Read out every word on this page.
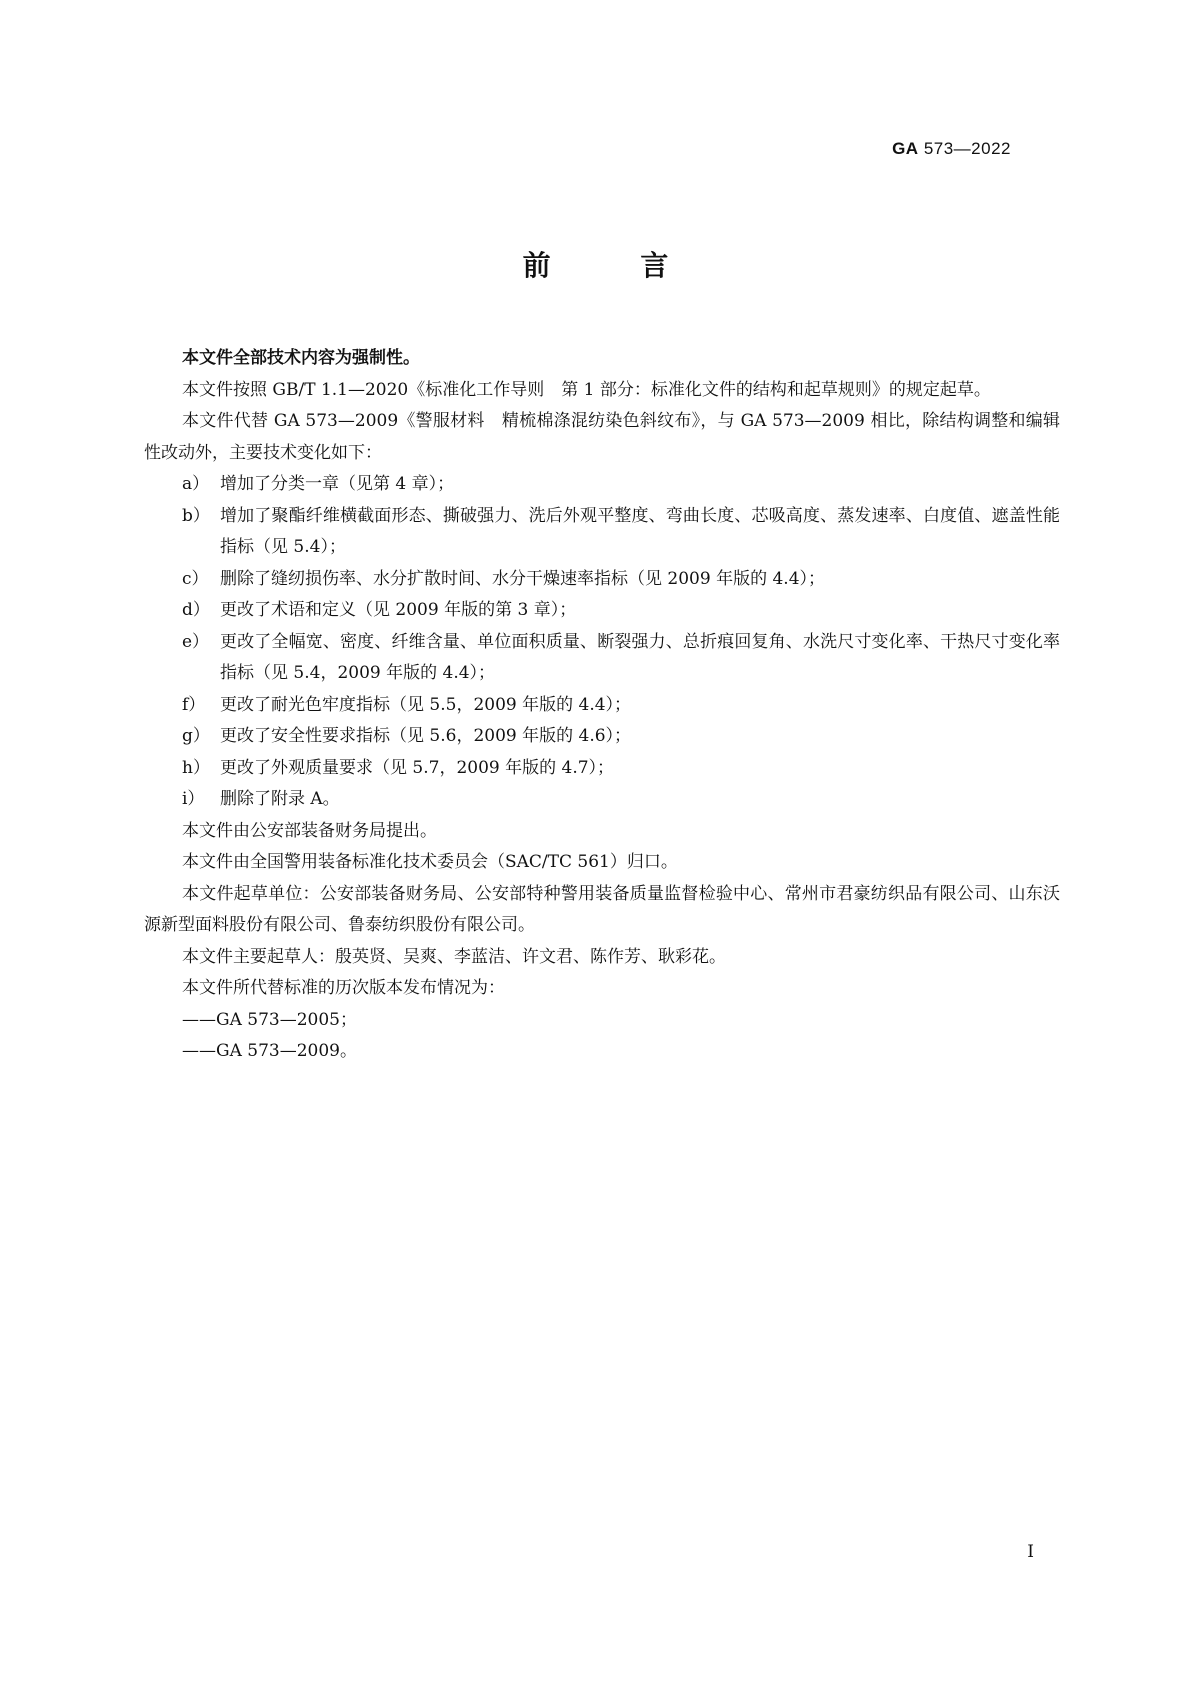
GA 573—2022
前 言

本文件全部技术内容为强制性。

本文件按照 GB/T 1.1—2020《标准化工作导则　第 1 部分：标准化文件的结构和起草规则》的规定起草。

本文件代替 GA 573—2009《警服材料　精梳棉涤混纺染色斜纹布》，与 GA 573—2009 相比，除结构调整和编辑性改动外，主要技术变化如下：

a） 增加了分类一章（见第 4 章）；
b） 增加了聚酯纤维横截面形态、撕破强力、洗后外观平整度、弯曲长度、芯吸高度、蒸发速率、白度值、遮盖性能指标（见 5.4）；
c） 删除了缝纫损伤率、水分扩散时间、水分干燥速率指标（见 2009 年版的 4.4）；
d） 更改了术语和定义（见 2009 年版的第 3 章）；
e） 更改了全幅宽、密度、纤维含量、单位面积质量、断裂强力、总折痕回复角、水洗尺寸变化率、干热尺寸变化率指标（见 5.4，2009 年版的 4.4）；
f） 更改了耐光色牢度指标（见 5.5，2009 年版的 4.4）；
g） 更改了安全性要求指标（见 5.6，2009 年版的 4.6）；
h） 更改了外观质量要求（见 5.7，2009 年版的 4.7）；
i） 删除了附录 A。

本文件由公安部装备财务局提出。

本文件由全国警用装备标准化技术委员会（SAC/TC 561）归口。

本文件起草单位：公安部装备财务局、公安部特种警用装备质量监督检验中心、常州市君豪纺织品有限公司、山东沃源新型面料股份有限公司、鲁泰纺织股份有限公司。

本文件主要起草人：殷英贤、吴爽、李蓝洁、许文君、陈作芳、耿彩花。

本文件所代替标准的历次版本发布情况为：

——GA 573—2005；
——GA 573—2009。
I
